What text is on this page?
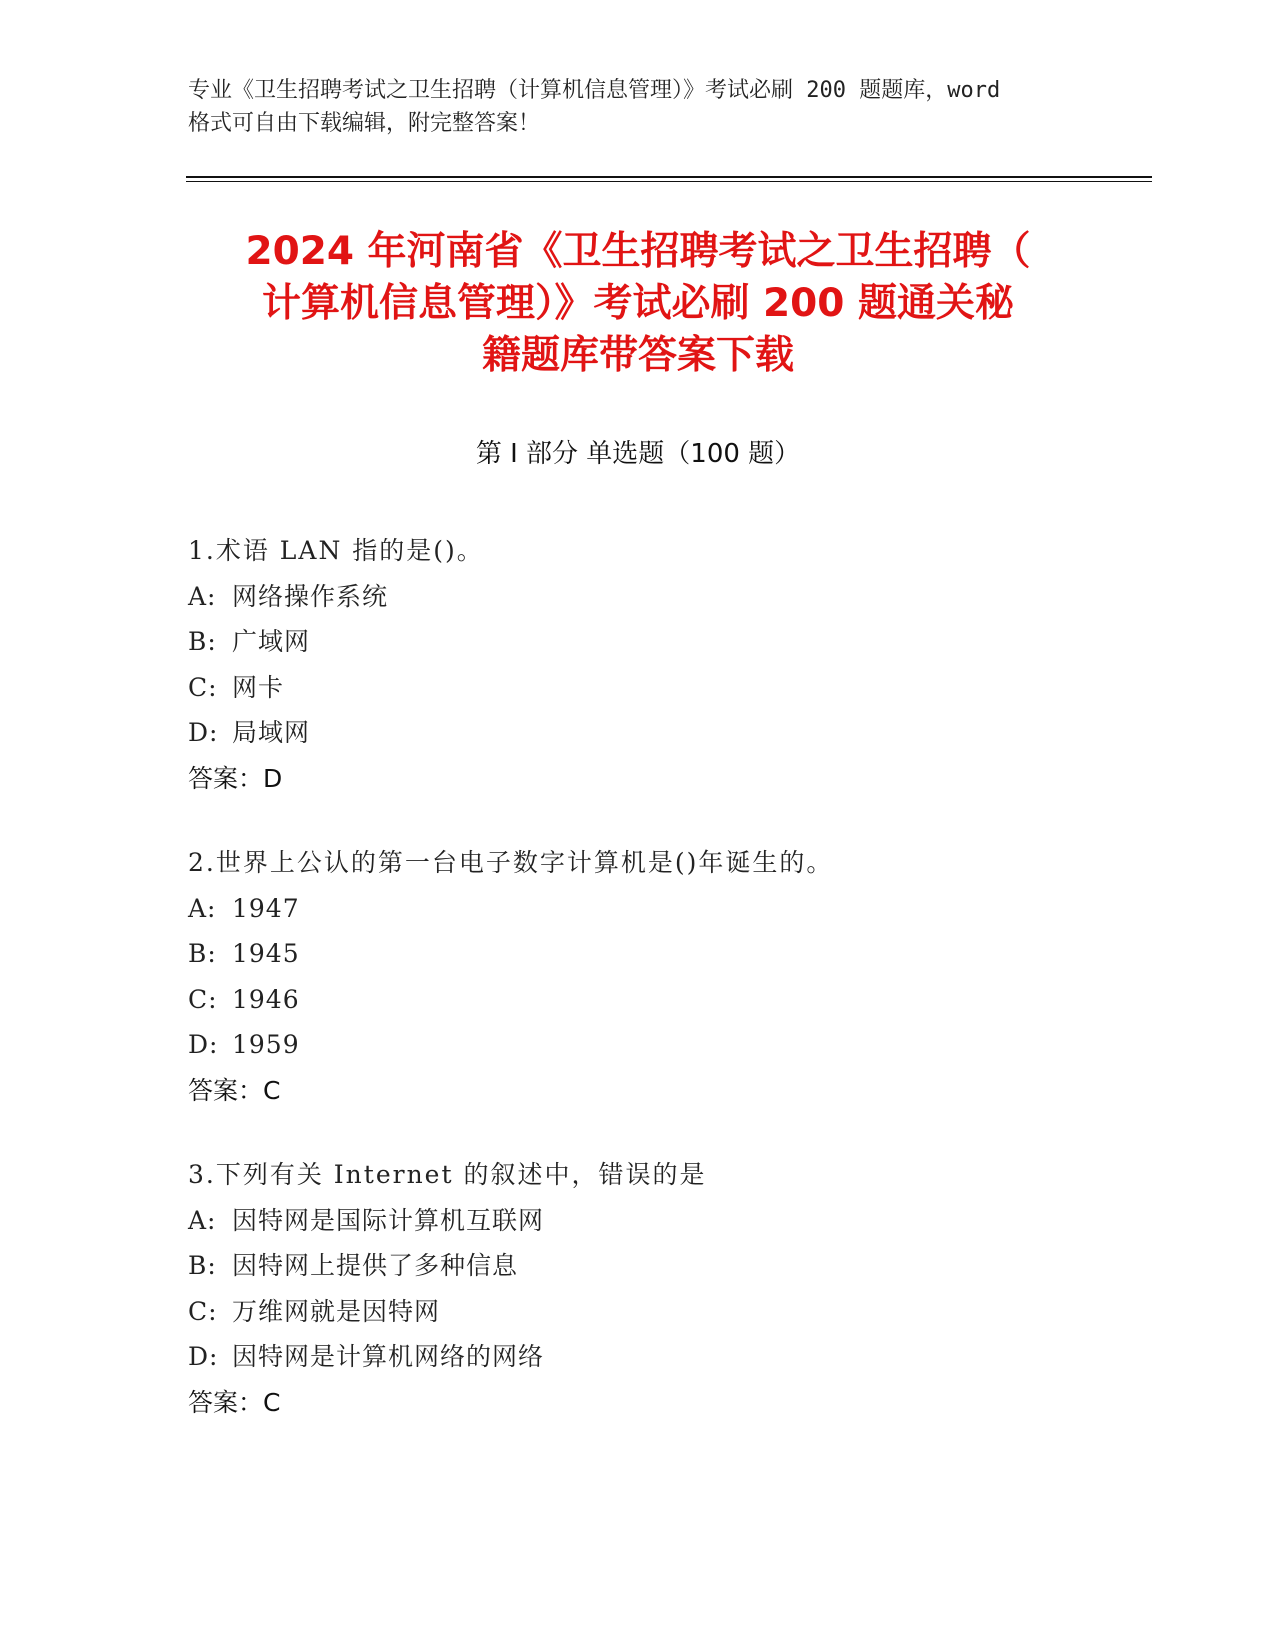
专业《卫生招聘考试之卫生招聘（计算机信息管理）》考试必刷 200 题题库，word
格式可自由下载编辑，附完整答案！
2024 年河南省《卫生招聘考试之卫生招聘（
计算机信息管理）》考试必刷 200 题通关秘
籍题库带答案下载
第 I 部分 单选题（100 题）
1.术语 LAN 指的是()。
A: 网络操作系统
B: 广域网
C: 网卡
D: 局域网
答案：D
2.世界上公认的第一台电子数字计算机是()年诞生的。
A: 1947
B: 1945
C: 1946
D: 1959
答案：C
3.下列有关 Internet 的叙述中，错误的是
A: 因特网是国际计算机互联网
B: 因特网上提供了多种信息
C: 万维网就是因特网
D: 因特网是计算机网络的网络
答案：C
